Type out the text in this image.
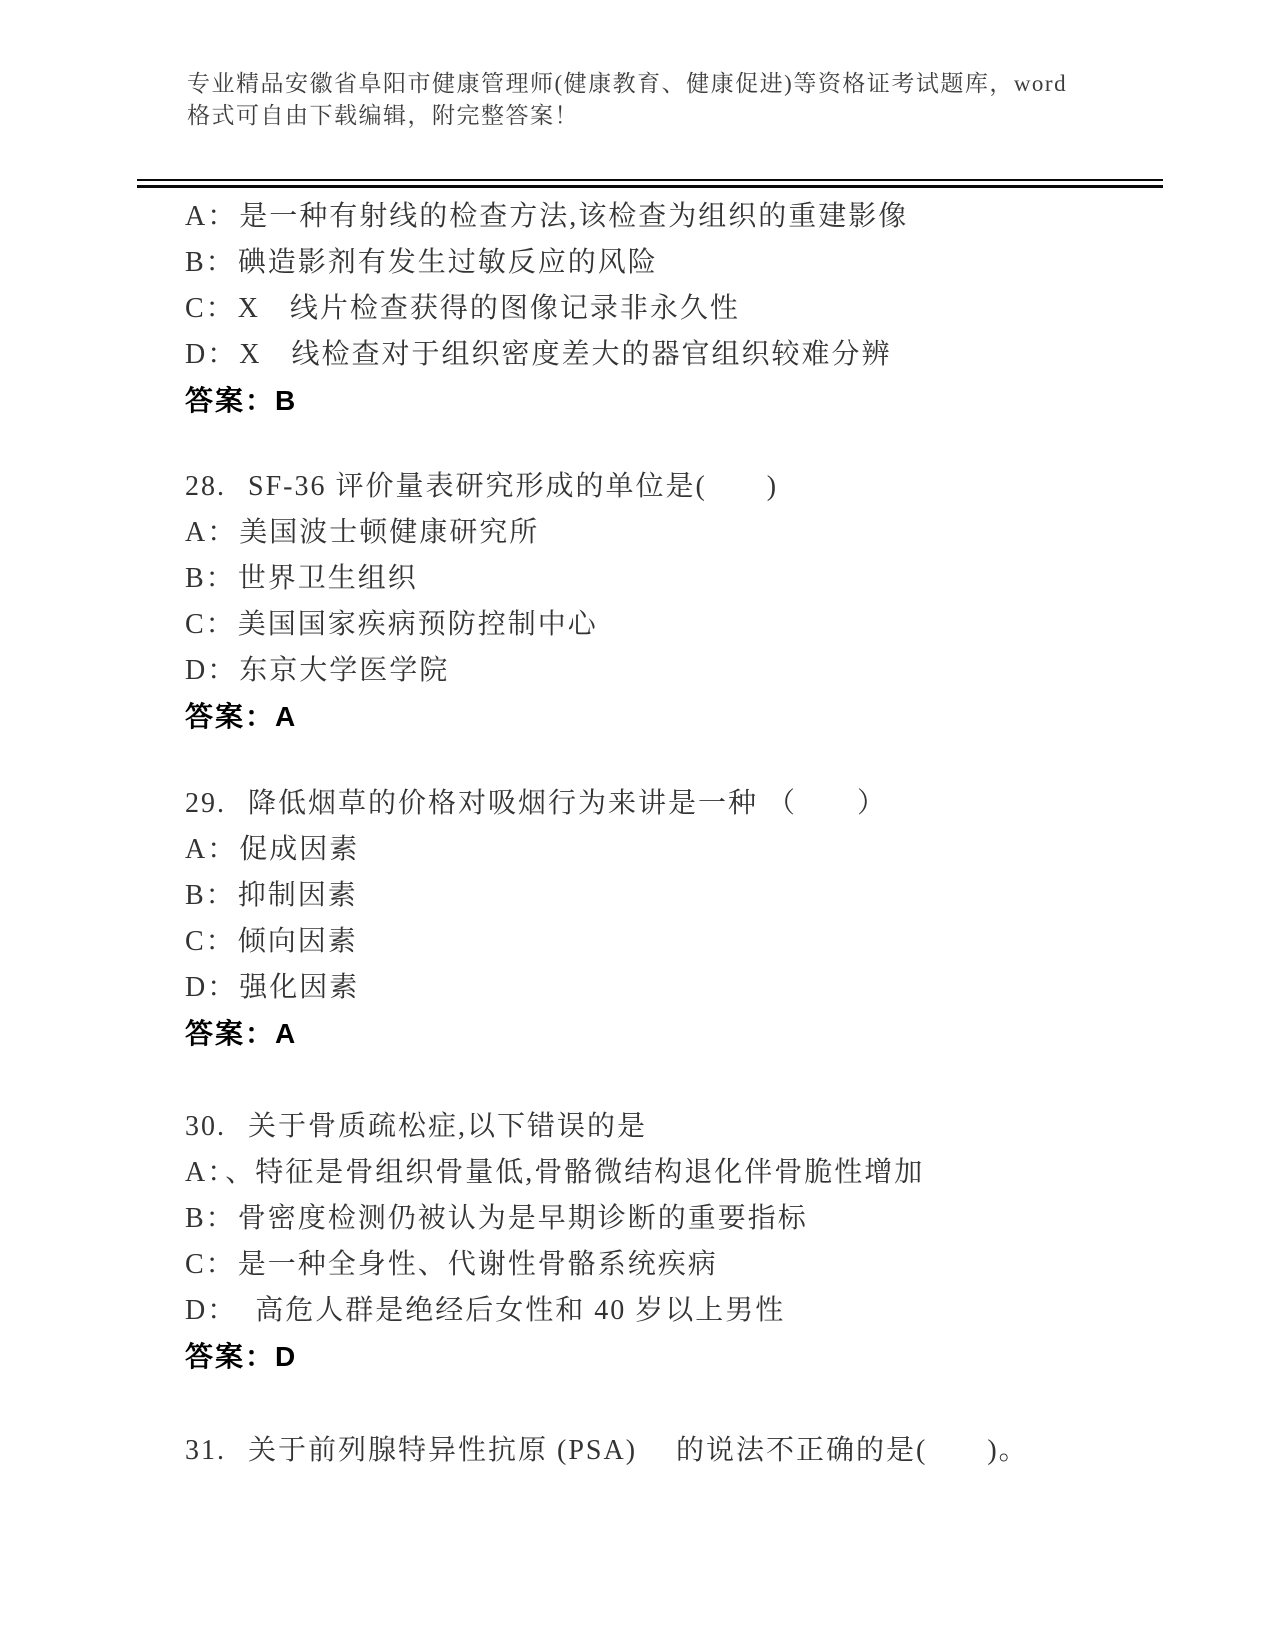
专业精品安徽省阜阳市健康管理师(健康教育、健康促进)等资格证考试题库，word

格式可自由下载编辑，附完整答案！

A：是一种有射线的检查方法,该检查为组织的重建影像

B：碘造影剂有发生过敏反应的风险

C：X　线片检查获得的图像记录非永久性

D：X　线检查对于组织密度差大的器官组织较难分辨

答案：B

28. SF-36 评价量表研究形成的单位是(　　)

A：美国波士顿健康研究所

B：世界卫生组织

C：美国国家疾病预防控制中心

D：东京大学医学院

答案：A

29. 降低烟草的价格对吸烟行为来讲是一种 （　　）

A：促成因素

B：抑制因素

C：倾向因素

D：强化因素

答案：A

30. 关于骨质疏松症,以下错误的是

A：、特征是骨组织骨量低,骨骼微结构退化伴骨脆性增加

B：骨密度检测仍被认为是早期诊断的重要指标

C：是一种全身性、代谢性骨骼系统疾病

D：　高危人群是绝经后女性和 40 岁以上男性

答案：D

31. 关于前列腺特异性抗原 (PSA)　 的说法不正确的是(　　)。
